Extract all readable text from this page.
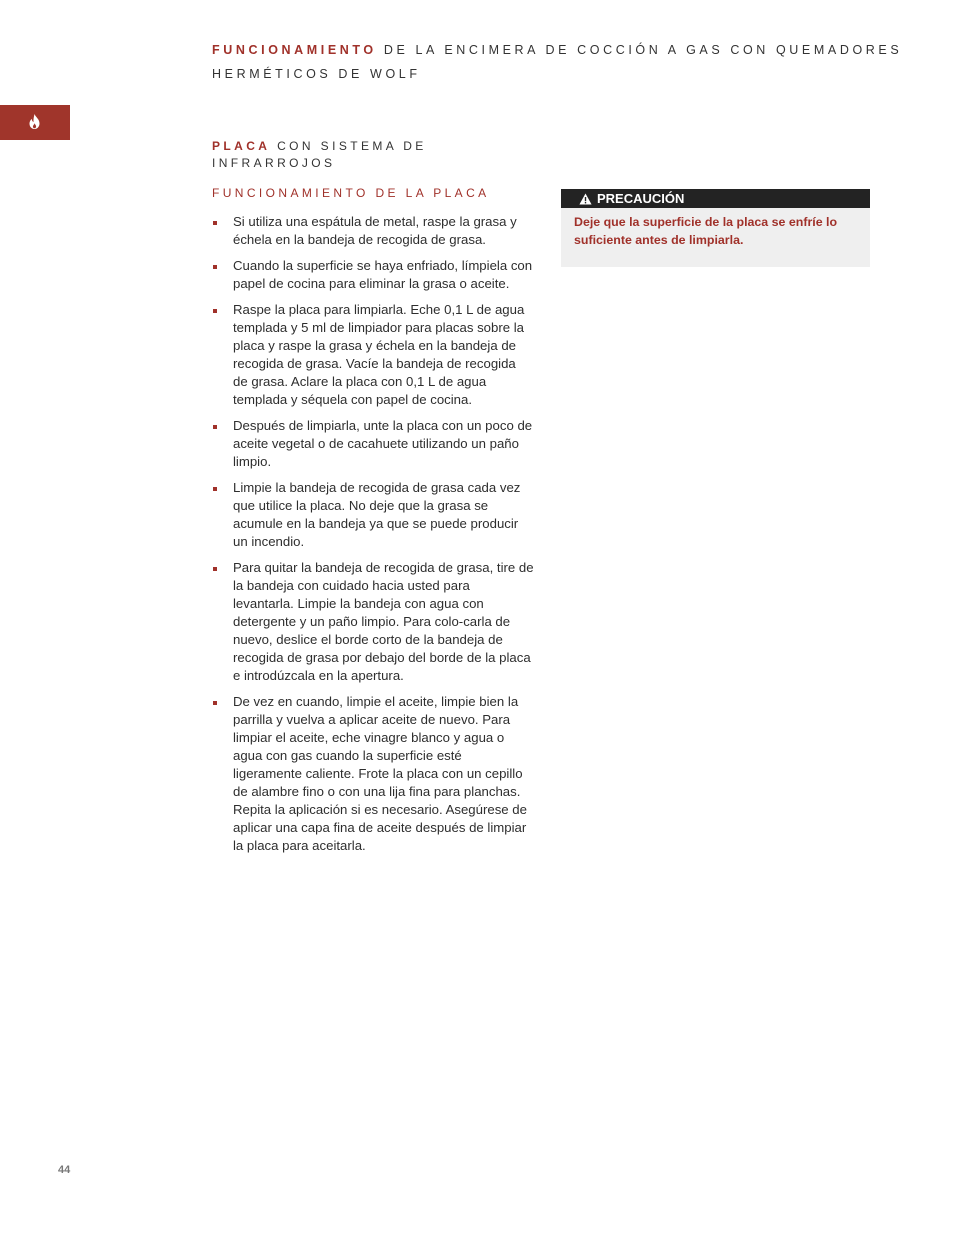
FUNCIONAMIENTO DE LA ENCIMERA DE COCCIÓN A GAS CON QUEMADORES HERMÉTICOS DE WOLF
PLACA CON SISTEMA DE INFRARROJOS
FUNCIONAMIENTO DE LA PLACA
Si utiliza una espátula de metal, raspe la grasa y échela en la bandeja de recogida de grasa.
Cuando la superficie se haya enfriado, límpiela con papel de cocina para eliminar la grasa o aceite.
Raspe la placa para limpiarla. Eche 0,1 L de agua templada y 5 ml de limpiador para placas sobre la placa y raspe la grasa y échela en la bandeja de recogida de grasa. Vacíe la bandeja de recogida de grasa. Aclare la placa con 0,1 L de agua templada y séquela con papel de cocina.
Después de limpiarla, unte la placa con un poco de aceite vegetal o de cacahuete utilizando un paño limpio.
Limpie la bandeja de recogida de grasa cada vez que utilice la placa. No deje que la grasa se acumule en la bandeja ya que se puede producir un incendio.
Para quitar la bandeja de recogida de grasa, tire de la bandeja con cuidado hacia usted para levantarla. Limpie la bandeja con agua con detergente y un paño limpio. Para colo-carla de nuevo, deslice el borde corto de la bandeja de recogida de grasa por debajo del borde de la placa e introdúzcala en la apertura.
De vez en cuando, limpie el aceite, limpie bien la parrilla y vuelva a aplicar aceite de nuevo. Para limpiar el aceite, eche vinagre blanco y agua o agua con gas cuando la superficie esté ligeramente caliente. Frote la placa con un cepillo de alambre fino o con una lija fina para planchas. Repita la aplicación si es necesario. Asegúrese de aplicar una capa fina de aceite después de limpiar la placa para aceitarla.
PRECAUCIÓN
Deje que la superficie de la placa se enfríe lo suficiente antes de limpiarla.
44
